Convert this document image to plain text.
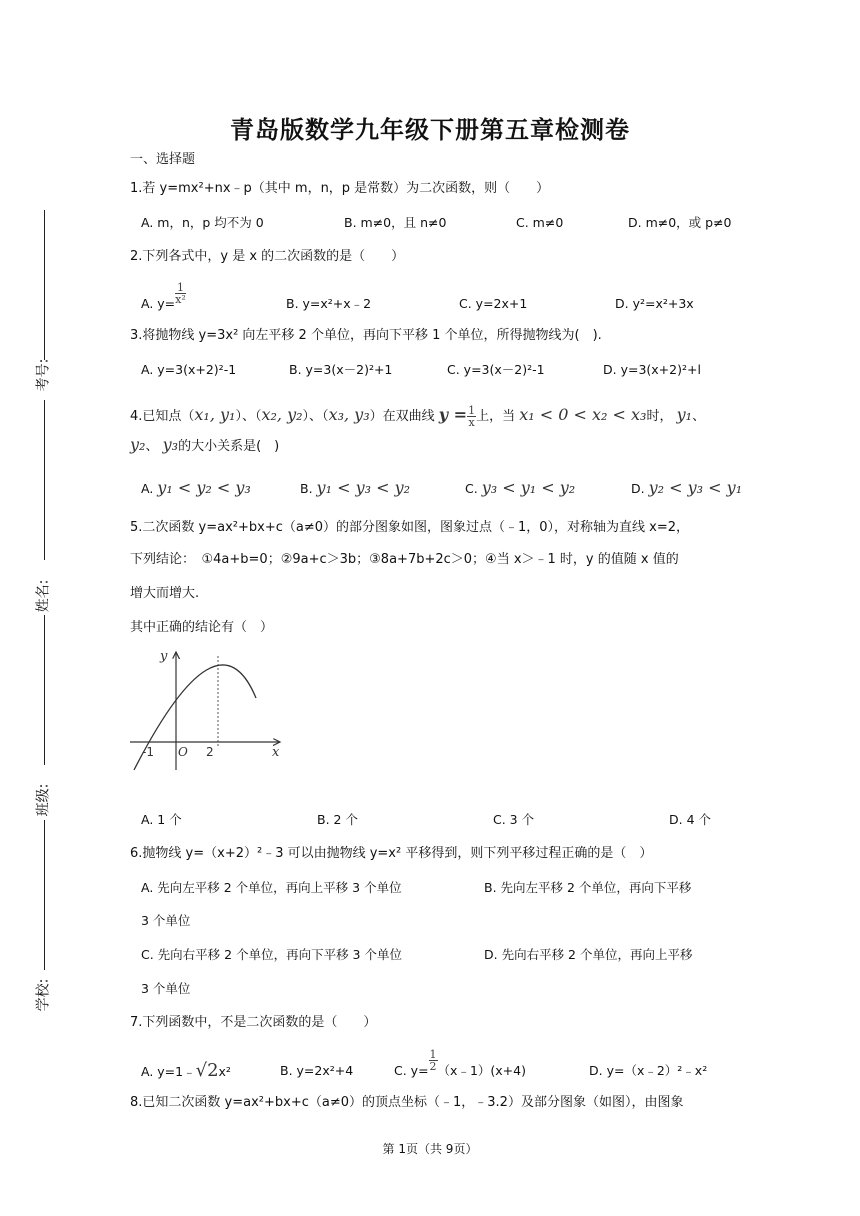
青岛版数学九年级下册第五章检测卷
一、选择题
考号:
姓名:
班级:
学校:
1.若 y=mx²+nx﹣p（其中 m，n，p 是常数）为二次函数，则（　　）
A. m，n，p 均不为 0	B. m≠0，且 n≠0	C. m≠0	D. m≠0，或 p≠0
2.下列各式中，y 是 x 的二次函数的是（　　）
A. $y= \frac{1}{\text{x²}}$	B. y=x²+x﹣2	C. y=2x+1	D. y²=x²+3x
3.将抛物线 y=3x² 向左平移 2 个单位，再向下平移 1 个单位，所得抛物线为(　).
A. y=3(x+2)²-1	B. y=3(x－2)²+1	C. y=3(x－2)²-1	D. y=3(x+2)²+l
4.已知点（x₁, y₁）、（x₂, y₂）、（x₃, y₃）在双曲线 $y = \frac{1}{x}$ 上，当 x₁ < 0 < x₂ < x₃时， y₁、
y₂、 y₃的大小关系是(　)
A. y₁ < y₂ < y₃	B. y₁ < y₃ < y₂	C. y₃ < y₁ < y₂	D. y₂ < y₃ < y₁
5.二次函数 y=ax²+bx+c（a≠0）的部分图象如图，图象过点（﹣1，0），对称轴为直线 x=2，
下列结论：　①4a+b=0；②9a+c＞3b；③8a+7b+2c＞0；④当 x＞﹣1 时，y 的值随 x 值的
增大而增大.
其中正确的结论有（　）
y
x
O
-1	2
A. 1 个	B. 2 个	C. 3 个	D. 4 个
6.抛物线 y=（x+2）²﹣3 可以由抛物线 y=x² 平移得到，则下列平移过程正确的是（　）
A. 先向左平移 2 个单位，再向上平移 3 个单位	B. 先向左平移 2 个单位，再向下平移
3 个单位
C. 先向右平移 2 个单位，再向下平移 3 个单位	D. 先向右平移 2 个单位，再向上平移
3 个单位
7.下列函数中，不是二次函数的是（　　）
A. y=1﹣√2x²	B. y=2x²+4	C. $y= \frac{1}{2}$ （x﹣1）(x+4)	D. y=（x﹣2）²﹣x²
8.已知二次函数 y=ax²+bx+c（a≠0）的顶点坐标（﹣1，﹣3.2）及部分图象（如图），由图象
第 1页（共 9页）
